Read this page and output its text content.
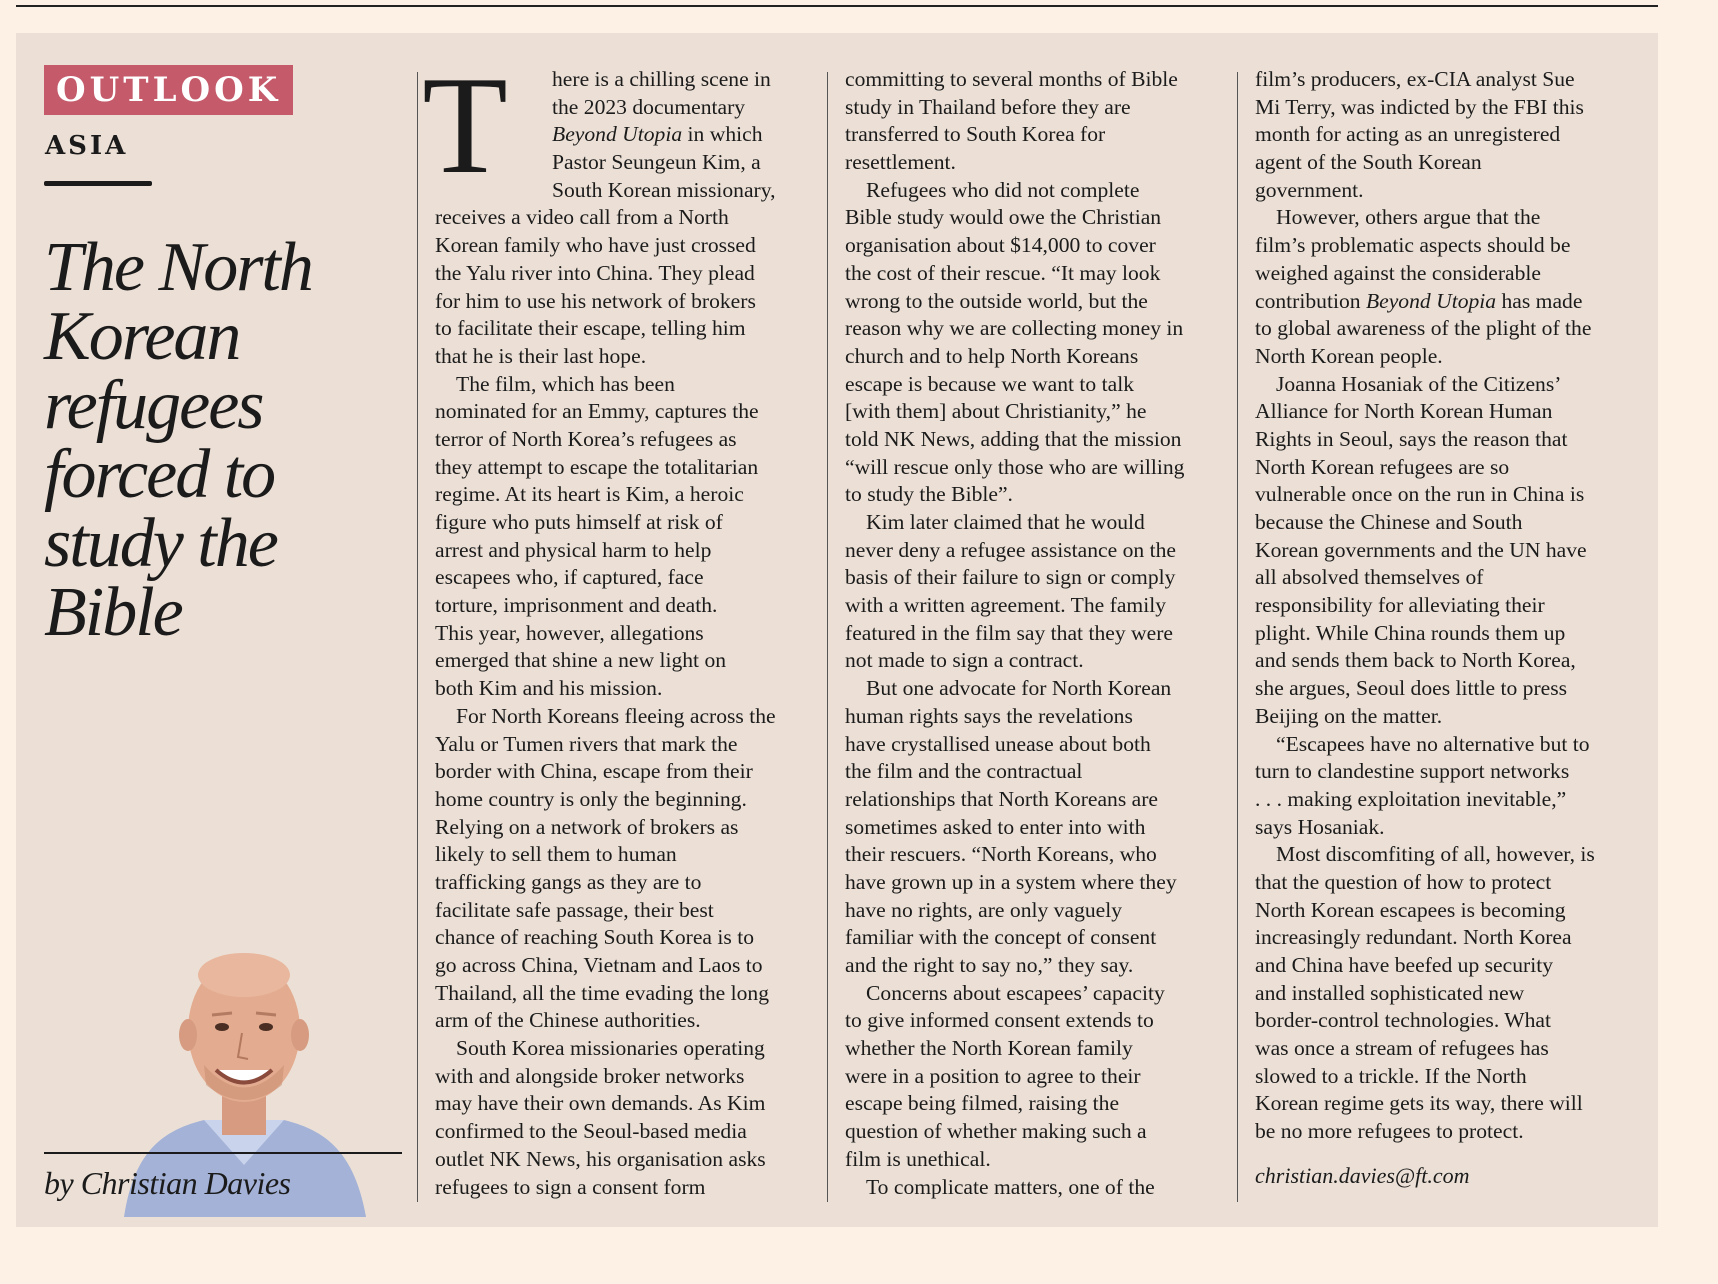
OUTLOOK
ASIA
The North
Korean
refugees
forced to
study the Bible
by Christian Davies
T	here is a chilling scene in
the 2023 documentary
Beyond Utopia in which
Pastor Seungeun Kim, a
South Korean missionary,
receives a video call from a North
Korean family who have just crossed
the Yalu river into China. They plead
for him to use his network of brokers
to facilitate their escape, telling him
that he is their last hope.
The film, which has been
nominated for an Emmy, captures the
terror of North Korea’s refugees as
they attempt to escape the totalitarian
regime. At its heart is Kim, a heroic
figure who puts himself at risk of
arrest and physical harm to help
escapees who, if captured, face
torture, imprisonment and death.
This year, however, allegations
emerged that shine a new light on
both Kim and his mission.
For North Koreans fleeing across the
Yalu or Tumen rivers that mark the
border with China, escape from their
home country is only the beginning.
Relying on a network of brokers as
likely to sell them to human
trafficking gangs as they are to
facilitate safe passage, their best
chance of reaching South Korea is to
go across China, Vietnam and Laos to
Thailand, all the time evading the long
arm of the Chinese authorities.
South Korea missionaries operating
with and alongside broker networks
may have their own demands. As Kim
confirmed to the Seoul-based media
outlet NK News, his organisation asks
refugees to sign a consent form
committing to several months of Bible
study in Thailand before they are
transferred to South Korea for
resettlement.
Refugees who did not complete
Bible study would owe the Christian
organisation about $14,000 to cover
the cost of their rescue. “It may look
wrong to the outside world, but the
reason why we are collecting money in
church and to help North Koreans
escape is because we want to talk
[with them] about Christianity,” he
told NK News, adding that the mission
“will rescue only those who are willing
to study the Bible”.
Kim later claimed that he would
never deny a refugee assistance on the
basis of their failure to sign or comply
with a written agreement. The family
featured in the film say that they were
not made to sign a contract.
But one advocate for North Korean
human rights says the revelations
have crystallised unease about both
the film and the contractual
relationships that North Koreans are
sometimes asked to enter into with
their rescuers. “North Koreans, who
have grown up in a system where they
have no rights, are only vaguely
familiar with the concept of consent
and the right to say no,” they say.
Concerns about escapees’ capacity
to give informed consent extends to
whether the North Korean family
were in a position to agree to their
escape being filmed, raising the
question of whether making such a
film is unethical.
To complicate matters, one of the
film’s producers, ex-CIA analyst Sue
Mi Terry, was indicted by the FBI this
month for acting as an unregistered
agent of the South Korean
government.
However, others argue that the
film’s problematic aspects should be
weighed against the considerable
contribution Beyond Utopia has made
to global awareness of the plight of the
North Korean people.
Joanna Hosaniak of the Citizens’
Alliance for North Korean Human
Rights in Seoul, says the reason that
North Korean refugees are so
vulnerable once on the run in China is
because the Chinese and South
Korean governments and the UN have
all absolved themselves of
responsibility for alleviating their
plight. While China rounds them up
and sends them back to North Korea,
she argues, Seoul does little to press
Beijing on the matter.
“Escapees have no alternative but to
turn to clandestine support networks
. . . making exploitation inevitable,”
says Hosaniak.
Most discomfiting of all, however, is
that the question of how to protect
North Korean escapees is becoming
increasingly redundant. North Korea
and China have beefed up security
and installed sophisticated new
border-control technologies. What
was once a stream of refugees has
slowed to a trickle. If the North
Korean regime gets its way, there will
be no more refugees to protect.
christian.davies@ft.com
